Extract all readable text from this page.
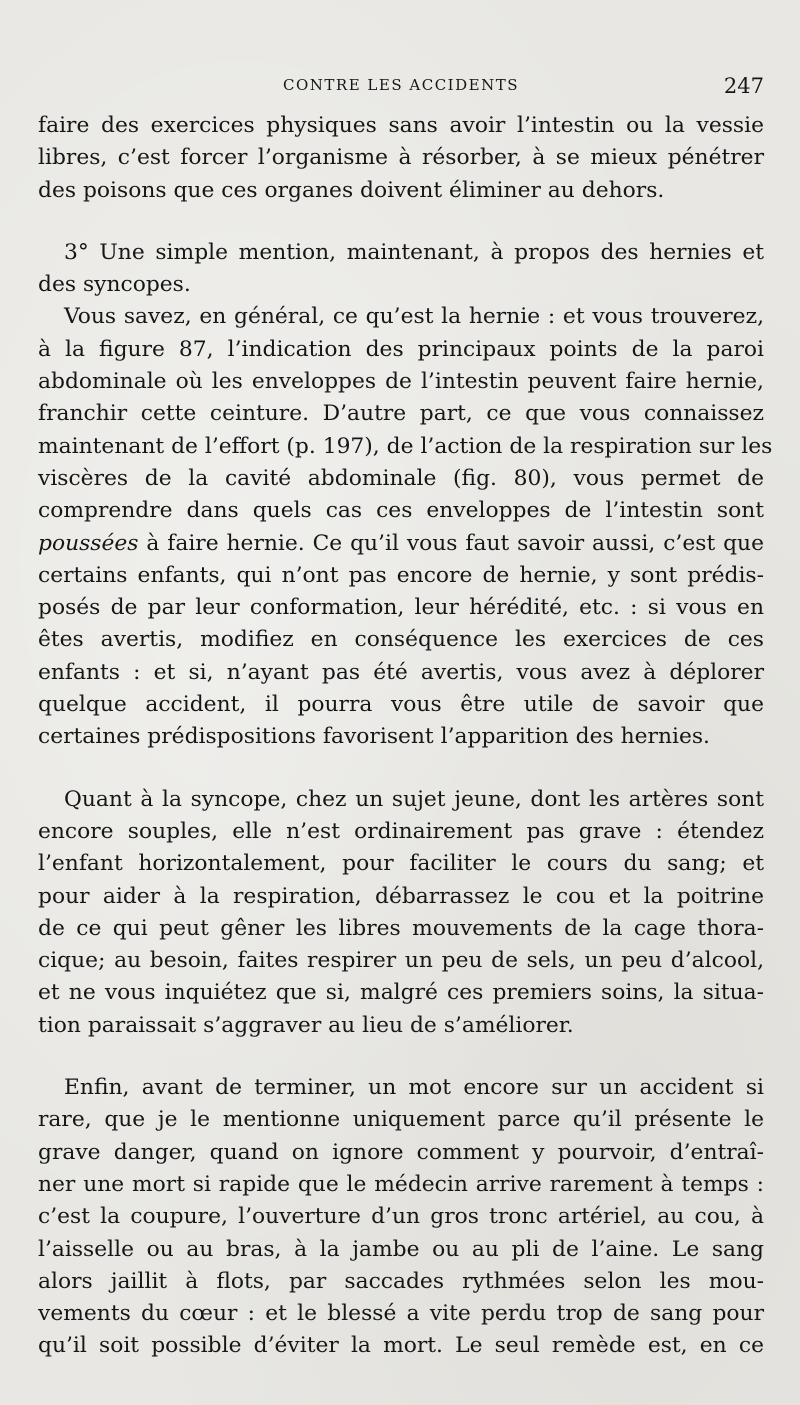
CONTRE LES ACCIDENTS	247
faire des exercices physiques sans avoir l’intestin ou la vessie
libres, c’est forcer l’organisme à résorber, à se mieux pénétrer
des poisons que ces organes doivent éliminer au dehors.
3° Une simple mention, maintenant, à propos des hernies et
des syncopes.
Vous savez, en général, ce qu’est la hernie : et vous trouverez,
à la figure 87, l’indication des principaux points de la paroi
abdominale où les enveloppes de l’intestin peuvent faire hernie,
franchir cette ceinture. D’autre part, ce que vous connaissez
maintenant de l’effort (p. 197), de l’action de la respiration sur les
viscères de la cavité abdominale (fig. 80), vous permet de
comprendre dans quels cas ces enveloppes de l’intestin sont
poussées à faire hernie. Ce qu’il vous faut savoir aussi, c’est que
certains enfants, qui n’ont pas encore de hernie, y sont prédis-
posés de par leur conformation, leur hérédité, etc. : si vous en
êtes avertis, modifiez en conséquence les exercices de ces
enfants : et si, n’ayant pas été avertis, vous avez à déplorer
quelque accident, il pourra vous être utile de savoir que
certaines prédispositions favorisent l’apparition des hernies.
Quant à la syncope, chez un sujet jeune, dont les artères sont
encore souples, elle n’est ordinairement pas grave : étendez
l’enfant horizontalement, pour faciliter le cours du sang; et
pour aider à la respiration, débarrassez le cou et la poitrine
de ce qui peut gêner les libres mouvements de la cage thora-
cique; au besoin, faites respirer un peu de sels, un peu d’alcool,
et ne vous inquiétez que si, malgré ces premiers soins, la situa-
tion paraissait s’aggraver au lieu de s’améliorer.
Enfin, avant de terminer, un mot encore sur un accident si
rare, que je le mentionne uniquement parce qu’il présente le
grave danger, quand on ignore comment y pourvoir, d’entraî-
ner une mort si rapide que le médecin arrive rarement à temps :
c’est la coupure, l’ouverture d’un gros tronc artériel, au cou, à
l’aisselle ou au bras, à la jambe ou au pli de l’aine. Le sang
alors jaillit à flots, par saccades rythmées selon les mou-
vements du cœur : et le blessé a vite perdu trop de sang pour
qu’il soit possible d’éviter la mort. Le seul remède est, en ce
